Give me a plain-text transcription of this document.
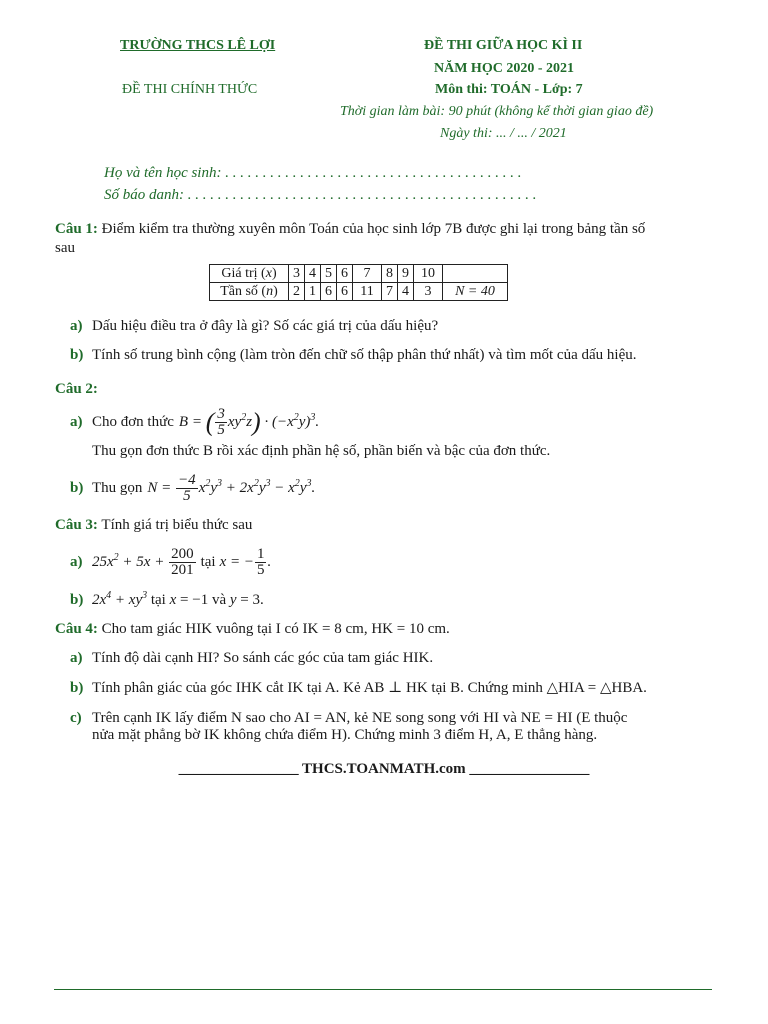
TRƯỜNG THCS LÊ LỢI
ĐỀ THI CHÍNH THỨC
ĐỀ THI GIỮA HỌC KÌ II
NĂM HỌC 2020 - 2021
Môn thi: TOÁN - Lớp: 7
Thời gian làm bài: 90 phút (không kể thời gian giao đề)
Ngày thi: ... / ... / 2021
Họ và tên học sinh: . . . . . . . . . . . . . . . . . . . . . . . . . . . . . . . . . . . . . . . .
Số báo danh: . . . . . . . . . . . . . . . . . . . . . . . . . . . . . . . . . . . . . . . . . . . . . . .
Câu 1: Điểm kiểm tra thường xuyên môn Toán của học sinh lớp 7B được ghi lại trong bảng tần số
sau
Giá trị (x)	3	4	5	6	7	8	9	10	
Tần số (n)	2	1	6	6	11	7	4	3	N = 40
a) Dấu hiệu điều tra ở đây là gì? Số các giá trị của dấu hiệu?
b) Tính số trung bình cộng (làm tròn đến chữ số thập phân thứ nhất) và tìm mốt của dấu hiệu.
Câu 2:
a) Cho đơn thức B = ( $\frac{3}{5} xy^2z) \cdot (-x^2y)^3$.
Thu gọn đơn thức B rồi xác định phần hệ số, phần biến và bậc của đơn thức.
b) Thu gọn $N = \frac{-4}{5} x^2y^3 + 2x^2y^3 - x^2y^3$.
Câu 3: Tính giá trị biểu thức sau
a) $25x^2 + 5x + \frac{200}{201}$ tại x = − $\frac{1}{5}$ .
b) $2x^4 + xy^3$ tại x = −1 và y = 3.
Câu 4: Cho tam giác HIK vuông tại I có IK = 8 cm, HK = 10 cm.
a) Tính độ dài cạnh HI? So sánh các góc của tam giác HIK.
b) Tính phân giác của góc IHK cắt IK tại A. Kẻ AB ⊥ HK tại B. Chứng minh △HIA = △HBA.
c) Trên cạnh IK lấy điểm N sao cho AI = AN, kẻ NE song song với HI và NE = HI (E thuộc
nửa mặt phẳng bờ IK không chứa điểm H). Chứng minh 3 điểm H, A, E thẳng hàng.
________________ THCS.TOANMATH.com ________________
